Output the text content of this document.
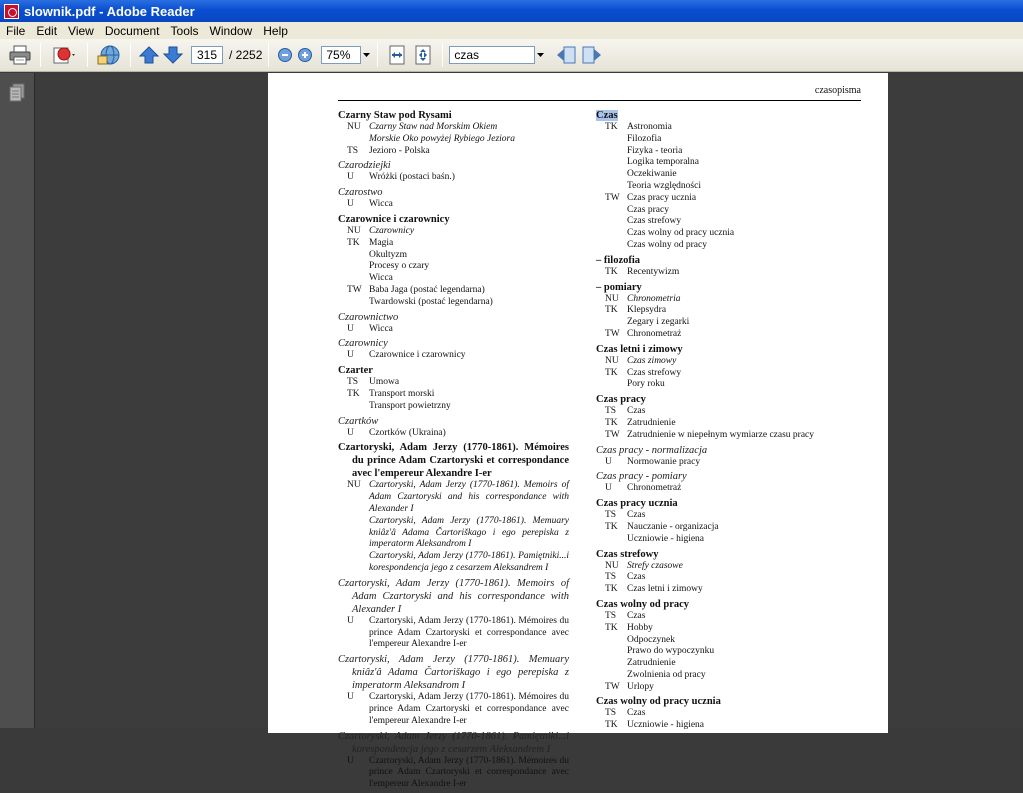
slownik.pdf - Adobe Reader
File Edit View Document Tools Window Help
315 / 2252	75%	czas
czasopisma
Czarny Staw pod Rysami
NU Czarny Staw nad Morskim Okiem
Morskie Oko powyżej Rybiego Jeziora
TS	Jezioro - Polska
Czarodziejki
U	Wróżki (postaci baśn.)
Czarostwo
U	Wicca
Czarownice i czarownicy
NU Czarownicy
TK Magia
Okultyzm
Procesy o czary
Wicca
TW Baba Jaga (postać legendarna)
Twardowski (postać legendarna)
Czarownictwo
U	Wicca
Czarownicy
U	Czarownice i czarownicy
Czarter
TS	Umowa
TK Transport morski
Transport powietrzny
Czartków
U	Czortków (Ukraina)
Czartoryski, Adam Jerzy (1770-1861). Mémoires du prince Adam Czartoryski et correspondance avec l'empereur Alexandre I-er
NU Czartoryski, Adam Jerzy (1770-1861). Memoirs of Adam Czartoryski and his correspondance with Alexander I
Czartoryski, Adam Jerzy (1770-1861). Memuary kniâz'â Adama Čartoriškago i ego perepiska z imperatorm Aleksandrom I
Czartoryski, Adam Jerzy (1770-1861). Pamiętniki...i korespondencja jego z cesarzem Aleksandrem I
Czartoryski, Adam Jerzy (1770-1861). Memoirs of Adam Czartoryski and his correspondance with Alexander I
U	Czartoryski, Adam Jerzy (1770-1861). Mémoires du prince Adam Czartoryski et correspondance avec l'empereur Alexandre I-er
Czartoryski, Adam Jerzy (1770-1861). Memuary kniâz'â Adama Čartoriškago i ego perepiska z imperatorm Aleksandrom I
U	Czartoryski, Adam Jerzy (1770-1861). Mémoires du prince Adam Czartoryski et correspondance avec l'empereur Alexandre I-er
Czartoryski, Adam Jerzy (1770-1861). Pamiętniki...i korespondencja jego z cesarzem Aleksandrem I
U	Czartoryski, Adam Jerzy (1770-1861). Mémoires du prince Adam Czartoryski et correspondance avec l'empereur Alexandre I-er
Czas
TK Astronomia
Filozofia
Fizyka - teoria
Logika temporalna
Oczekiwanie
Teoria względności
TW Czas pracy ucznia
Czas pracy
Czas strefowy
Czas wolny od pracy ucznia
Czas wolny od pracy
– filozofia
TK Recentywizm
– pomiary
NU Chronometria
TK Klepsydra
Zegary i zegarki
TW Chronometraż
Czas letni i zimowy
NU Czas zimowy
TK Czas strefowy
Pory roku
Czas pracy
TS	Czas
TK Zatrudnienie
TW Zatrudnienie w niepełnym wymiarze czasu pracy
Czas pracy - normalizacja
U	Normowanie pracy
Czas pracy - pomiary
U	Chronometraż
Czas pracy ucznia
TS	Czas
TK Nauczanie - organizacja
Uczniowie - higiena
Czas strefowy
NU Strefy czasowe
TS	Czas
TK Czas letni i zimowy
Czas wolny od pracy
TS	Czas
TK Hobby
Odpoczynek
Prawo do wypoczynku
Zatrudnienie
Zwolnienia od pracy
TW Urlopy
Czas wolny od pracy ucznia
TS	Czas
TK Uczniowie - higiena
